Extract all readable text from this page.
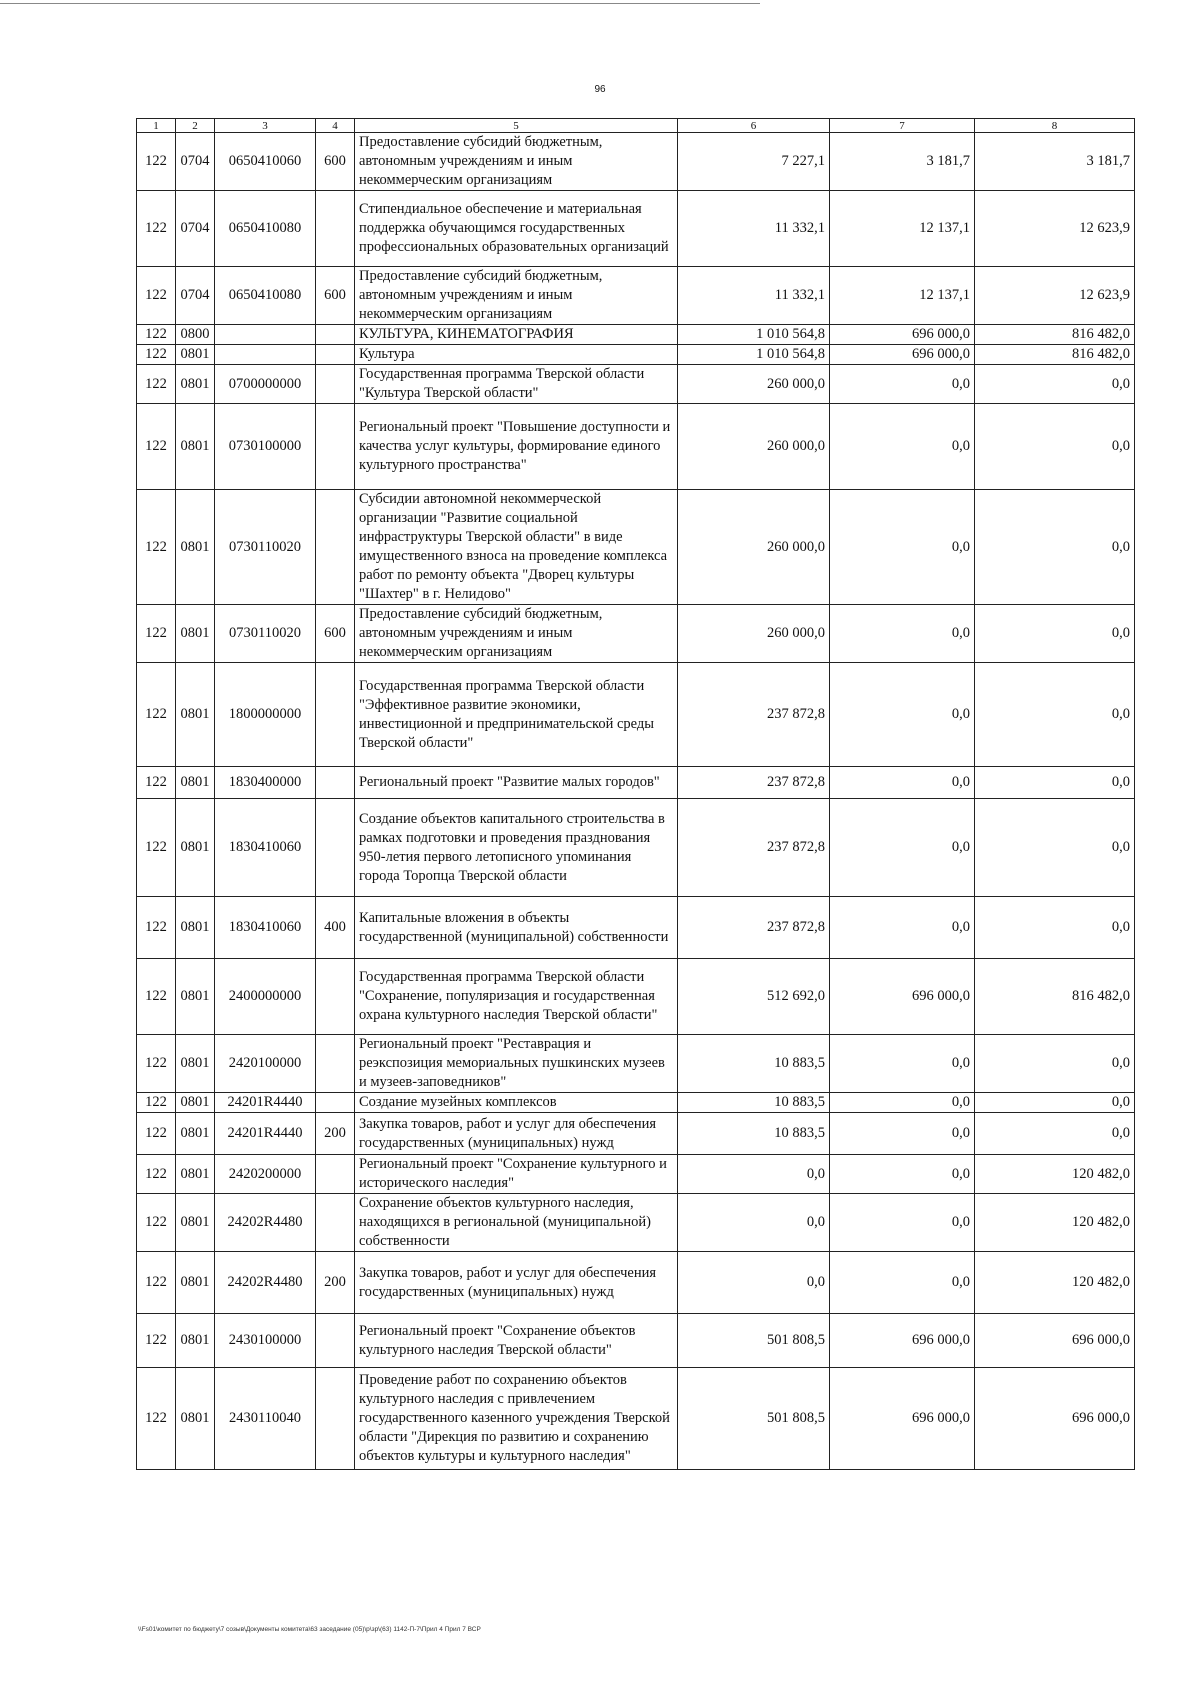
96
1	2	3	4	5	6	7	8
122	0704	0650410060	600	Предоставление субсидий бюджетным, автономным учреждениям и иным некоммерческим организациям	7 227,1	3 181,7	3 181,7
122	0704	0650410080		Стипендиальное обеспечение и материальная поддержка обучающимся государственных профессиональных образовательных организаций	11 332,1	12 137,1	12 623,9
122	0704	0650410080	600	Предоставление субсидий бюджетным, автономным учреждениям и иным некоммерческим организациям	11 332,1	12 137,1	12 623,9
122	0800			КУЛЬТУРА, КИНЕМАТОГРАФИЯ	1 010 564,8	696 000,0	816 482,0
122	0801			Культура	1 010 564,8	696 000,0	816 482,0
122	0801	0700000000		Государственная программа Тверской области "Культура Тверской области"	260 000,0	0,0	0,0
122	0801	0730100000		Региональный проект "Повышение доступности и качества услуг культуры, формирование единого культурного пространства"	260 000,0	0,0	0,0
122	0801	0730110020		Субсидии автономной некоммерческой организации "Развитие социальной инфраструктуры Тверской области" в виде имущественного взноса на проведение комплекса работ по ремонту объекта "Дворец культуры "Шахтер" в г. Нелидово"	260 000,0	0,0	0,0
122	0801	0730110020	600	Предоставление субсидий бюджетным, автономным учреждениям и иным некоммерческим организациям	260 000,0	0,0	0,0
122	0801	1800000000		Государственная программа Тверской области "Эффективное развитие экономики, инвестиционной и предпринимательской среды Тверской области"	237 872,8	0,0	0,0
122	0801	1830400000		Региональный проект "Развитие малых городов"	237 872,8	0,0	0,0
122	0801	1830410060		Создание объектов капитального строительства в рамках подготовки и проведения празднования 950-летия первого летописного упоминания города Торопца Тверской области	237 872,8	0,0	0,0
122	0801	1830410060	400	Капитальные вложения в объекты государственной (муниципальной) собственности	237 872,8	0,0	0,0
122	0801	2400000000		Государственная программа Тверской области "Сохранение, популяризация и государственная охрана культурного наследия Тверской области"	512 692,0	696 000,0	816 482,0
122	0801	2420100000		Региональный проект "Реставрация и реэкспозиция мемориальных пушкинских музеев и музеев-заповедников"	10 883,5	0,0	0,0
122	0801	24201R4440		Создание музейных комплексов	10 883,5	0,0	0,0
122	0801	24201R4440	200	Закупка товаров, работ и услуг для обеспечения государственных (муниципальных) нужд	10 883,5	0,0	0,0
122	0801	2420200000		Региональный проект "Сохранение культурного и исторического наследия"	0,0	0,0	120 482,0
122	0801	24202R4480		Сохранение объектов культурного наследия, находящихся в региональной (муниципальной) собственности	0,0	0,0	120 482,0
122	0801	24202R4480	200	Закупка товаров, работ и услуг для обеспечения государственных (муниципальных) нужд	0,0	0,0	120 482,0
122	0801	2430100000		Региональный проект "Сохранение объектов культурного наследия Тверской области"	501 808,5	696 000,0	696 000,0
122	0801	2430110040		Проведение работ по сохранению объектов культурного наследия с привлечением государственного казенного учреждения Тверской области "Дирекция по развитию и сохранению объектов культуры и культурного наследия"	501 808,5	696 000,0	696 000,0
\\Fs01\комитет по бюджету\7 созыв\Документы комитета\63 заседание (05)\р\зр\(63) 1142-П-7\Прил 4 Прил 7 ВСР
